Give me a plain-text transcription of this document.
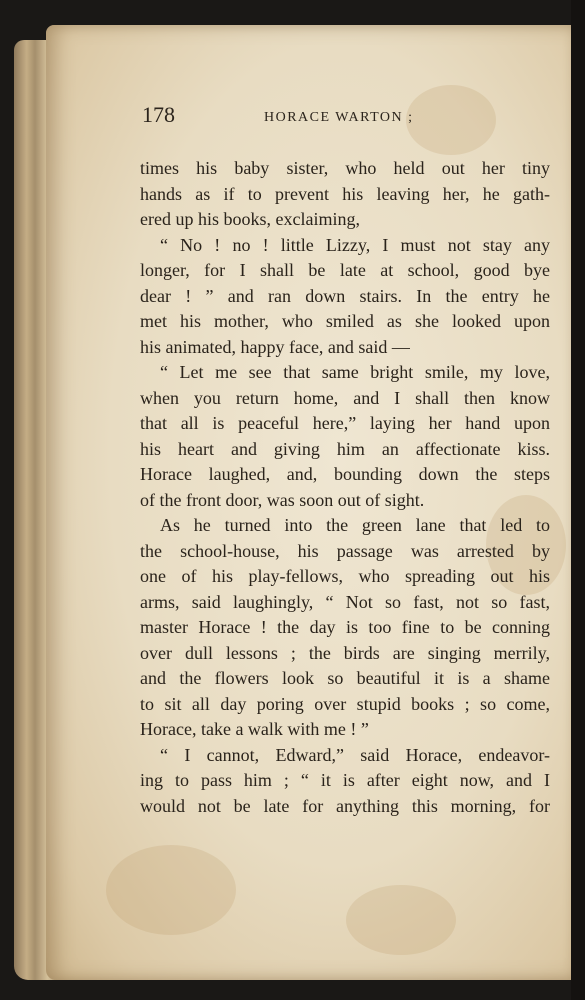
178	HORACE WARTON ;
times his baby sister, who held out her tiny
hands as if to prevent his leaving her, he gath-
ered up his books, exclaiming,
“ No ! no ! little Lizzy, I must not stay any
longer, for I shall be late at school, good bye
dear ! ” and ran down stairs. In the entry he
met his mother, who smiled as she looked upon
his animated, happy face, and said —
“ Let me see that same bright smile, my love,
when you return home, and I shall then know
that all is peaceful here,” laying her hand upon
his heart and giving him an affectionate kiss.
Horace laughed, and, bounding down the steps
of the front door, was soon out of sight.
As he turned into the green lane that led to
the school-house, his passage was arrested by
one of his play-fellows, who spreading out his
arms, said laughingly, “ Not so fast, not so fast,
master Horace ! the day is too fine to be conning
over dull lessons ; the birds are singing merrily,
and the flowers look so beautiful it is a shame
to sit all day poring over stupid books ; so come,
Horace, take a walk with me ! ”
“ I cannot, Edward,” said Horace, endeavor-
ing to pass him ; “ it is after eight now, and I
would not be late for anything this morning, for
